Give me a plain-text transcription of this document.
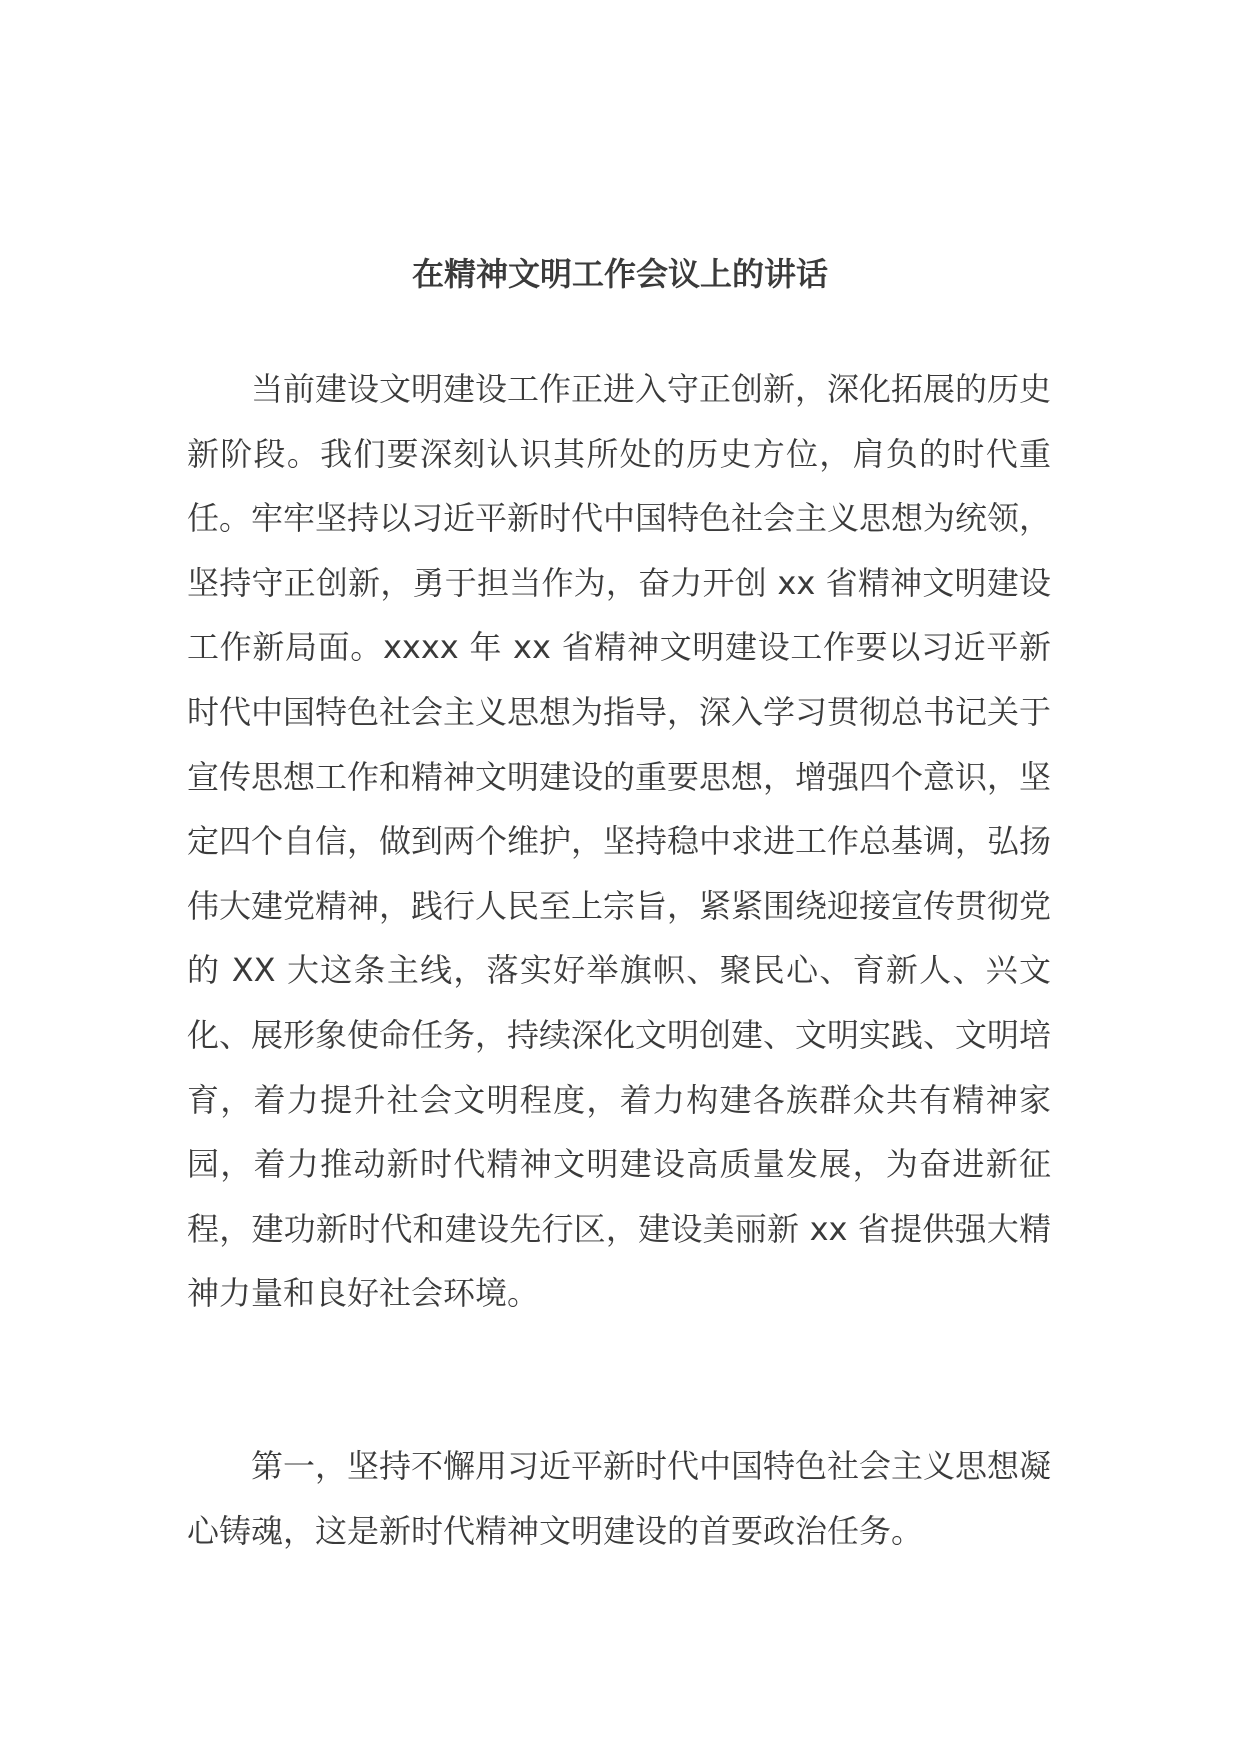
在精神文明工作会议上的讲话

当前建设文明建设工作正进入守正创新，深化拓展的历史新阶段。我们要深刻认识其所处的历史方位，肩负的时代重任。牢牢坚持以习近平新时代中国特色社会主义思想为统领，坚持守正创新，勇于担当作为，奋力开创 xx 省精神文明建设工作新局面。xxxx 年 xx 省精神文明建设工作要以习近平新时代中国特色社会主义思想为指导，深入学习贯彻总书记关于宣传思想工作和精神文明建设的重要思想，增强四个意识，坚定四个自信，做到两个维护，坚持稳中求进工作总基调，弘扬伟大建党精神，践行人民至上宗旨，紧紧围绕迎接宣传贯彻党的 XX 大这条主线，落实好举旗帜、聚民心、育新人、兴文化、展形象使命任务，持续深化文明创建、文明实践、文明培育，着力提升社会文明程度，着力构建各族群众共有精神家园，着力推动新时代精神文明建设高质量发展，为奋进新征程，建功新时代和建设先行区，建设美丽新 xx 省提供强大精神力量和良好社会环境。

第一，坚持不懈用习近平新时代中国特色社会主义思想凝心铸魂，这是新时代精神文明建设的首要政治任务。
